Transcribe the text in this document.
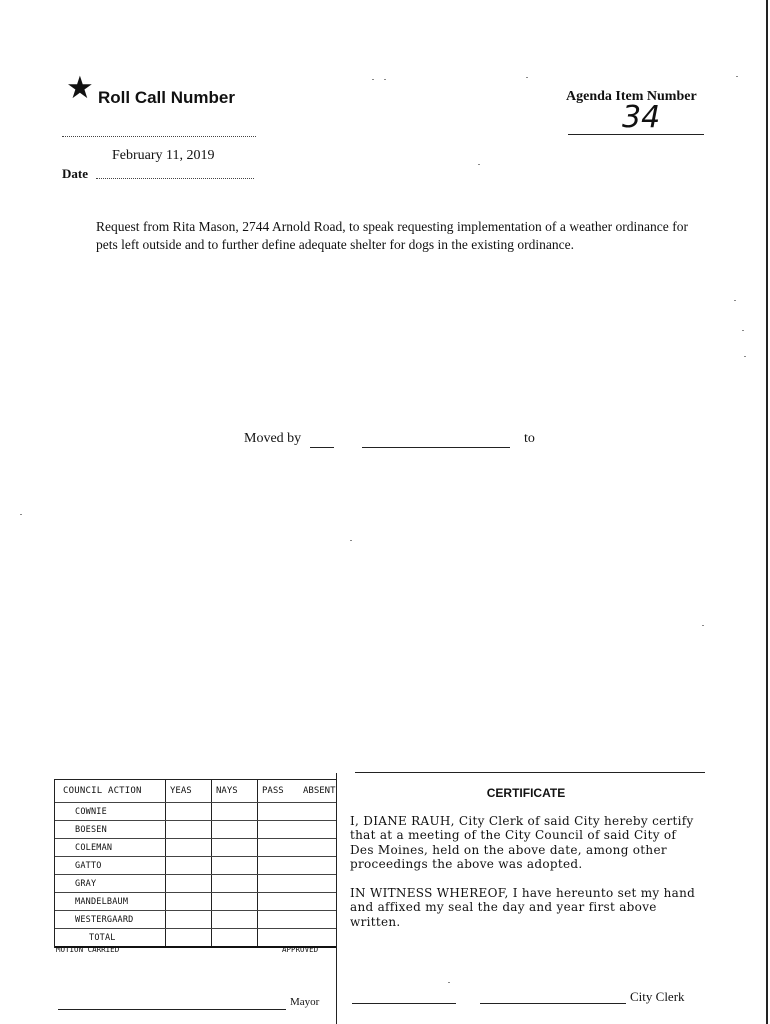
★ Roll Call Number	Agenda Item Number
34
February 11, 2019
Date
Request from Rita Mason, 2744 Arnold Road, to speak requesting implementation of a weather ordinance for pets left outside and to further define adequate shelter for dogs in the existing ordinance.
Moved by	to
COUNCIL ACTION	YEAS	NAYS	PASS ABSENT
COWNIE
BOESEN
COLEMAN
GATTO
GRAY
MANDELBAUM
WESTERGAARD
TOTAL
MOTION CARRIED	APPROVED
CERTIFICATE
I, DIANE RAUH, City Clerk of said City hereby certify that at a meeting of the City Council of said City of Des Moines, held on the above date, among other proceedings the above was adopted.
IN WITNESS WHEREOF, I have hereunto set my hand and affixed my seal the day and year first above written.
Mayor	City Clerk
